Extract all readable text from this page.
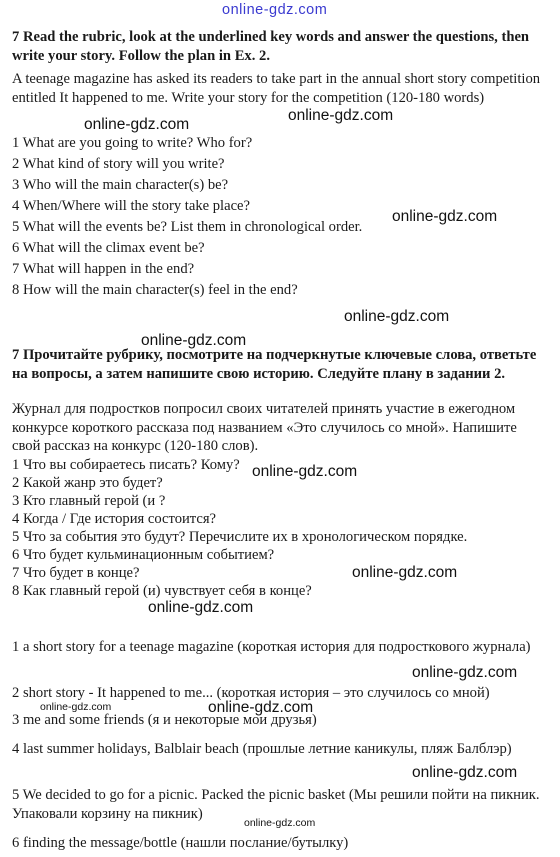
online-gdz.com
online-gdz.com
online-gdz.com
online-gdz.com
online-gdz.com
online-gdz.com
online-gdz.com
online-gdz.com
online-gdz.com
online-gdz.com
online-gdz.com
online-gdz.com
online-gdz.com
online-gdz.com

7 Read the rubric, look at the underlined key words and answer the questions, then write your story. Follow the plan in Ex. 2.

A teenage magazine has asked its readers to take part in the annual short story competition entitled It happened to me. Write your story for the competition (120-180 words)

1 What are you going to write? Who for?
2 What kind of story will you write?
3 Who will the main character(s) be?
4 When/Where will the story take place?
5 What will the events be? List them in chronological order.
6 What will the climax event be?
7 What will happen in the end?
8 How will the main character(s) feel in the end?

7 Прочитайте рубрику, посмотрите на подчеркнутые ключевые слова, ответьте на вопросы, а затем напишите свою историю. Следуйте плану в задании 2.

Журнал для подростков попросил своих читателей принять участие в ежегодном конкурсе короткого рассказа под названием «Это случилось со мной». Напишите свой рассказ на конкурс (120-180 слов).

1 Что вы собираетесь писать? Кому?
2 Какой жанр это будет?
3 Кто главный герой (и ?
4 Когда / Где история состоится?
5 Что за события это будут? Перечислите их в хронологическом порядке.
6 Что будет кульминационным событием?
7 Что будет в конце?
8 Как главный герой (и) чувствует себя в конце?

1 a short story for a teenage magazine (короткая история для подросткового журнала)

2 short story - It happened to me... (короткая история – это случилось со мной)

3 me and some friends (я и некоторые мои друзья)

4 last summer holidays, Balblair beach (прошлые летние каникулы, пляж Балблэр)

5 We decided to go for a picnic. Packed the picnic basket (Мы решили пойти на пикник. Упаковали корзину на пикник)

6 finding the message/bottle (нашли послание/бутылку)
